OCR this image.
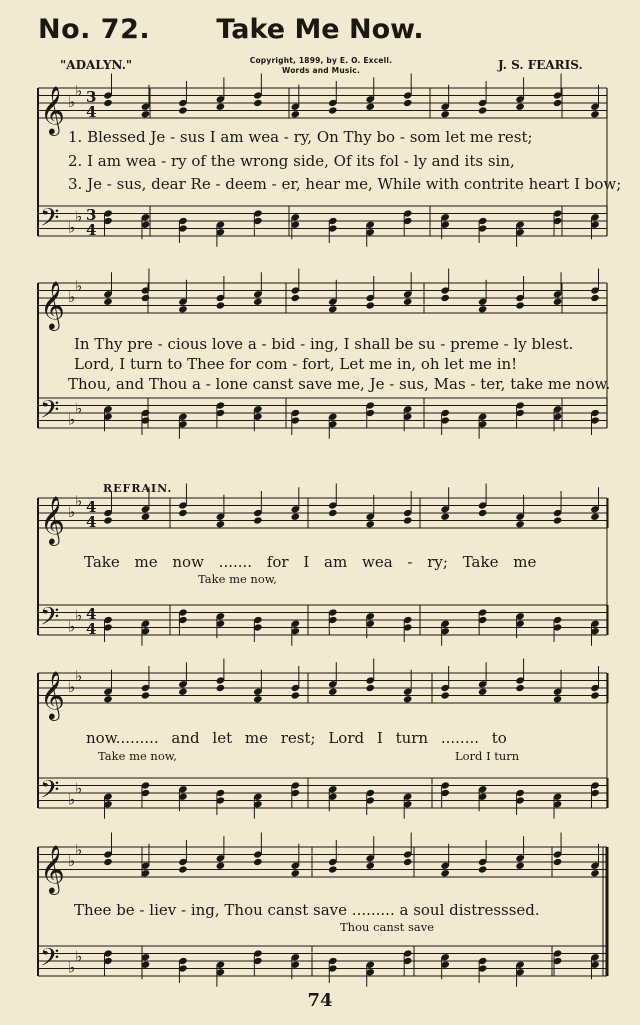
No. 72.	Take Me Now.
Copyright, 1899, by E. O. Excell.
Words and Music.
"ADALYN."	J. S. FEARIS.
𝄞 ♭
♭
𝄢 ♭
♭
3
4
3
4
𝄞 ♭
♭
𝄢 ♭
♭
𝄞 ♭
♭
𝄢 ♭
♭
4
4
4
4
𝄞 ♭
♭
𝄢 ♭
♭
𝄞 ♭
♭
𝄢 ♭
♭
1. Blessed Je - sus I am wea - ry, On Thy bo - som let me rest;
2. I am wea - ry of the wrong side, Of its fol - ly and its sin,
3. Je - sus, dear Re - deem - er, hear me, While with contrite heart I bow;
In Thy pre - cious love a - bid - ing, I shall be su - preme - ly blest.
Lord, I turn to Thee for com - fort, Let me in, oh let me in!
Thou, and Thou a - lone canst save me, Je - sus, Mas - ter, take me now.
REFRAIN.
Take me now ....... for I am wea - ry; Take me
Take me now,
now......... and let me rest; Lord I turn ........ to
Take me now,	Lord I turn
Thee be - liev - ing, Thou canst save ......... a soul distresssed.
Thou canst save
74
